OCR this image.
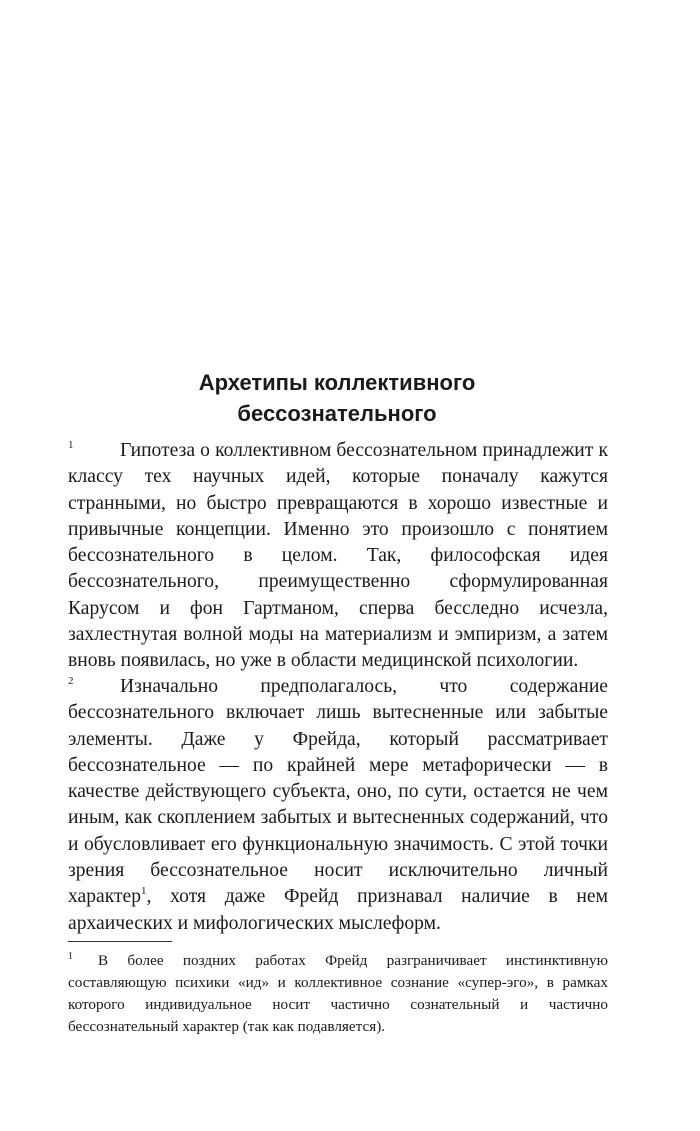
Архетипы коллективного
бессознательного
1	Гипотеза о коллективном бессознательном принадлежит к классу тех научных идей, которые поначалу кажутся странными, но быстро превращаются в хорошо известные и привычные концепции. Именно это произошло с понятием бессознательного в целом. Так, философская идея бессознательного, преимущественно сформулированная Карусом и фон Гартманом, сперва бесследно исчезла, захлестнутая волной моды на материализм и эмпиризм, а затем вновь появилась, но уже в области медицинской психологии.

2	Изначально предполагалось, что содержание бессознательного включает лишь вытесненные или забытые элементы. Даже у Фрейда, который рассматривает бессознательное — по крайней мере метафорически — в качестве действующего субъекта, оно, по сути, остается не чем иным, как скоплением забытых и вытесненных содержаний, что и обусловливает его функциональную значимость. С этой точки зрения бессознательное носит исключительно личный характер$^1$, хотя даже Фрейд признавал наличие в нем архаических и мифологических мыслеформ.

1 В более поздних работах Фрейд разграничивает инстинктивную составляющую психики «ид» и коллективное сознание «супер-эго», в рамках которого индивидуальное носит частично сознательный и частично бессознательный характер (так как подавляется).
